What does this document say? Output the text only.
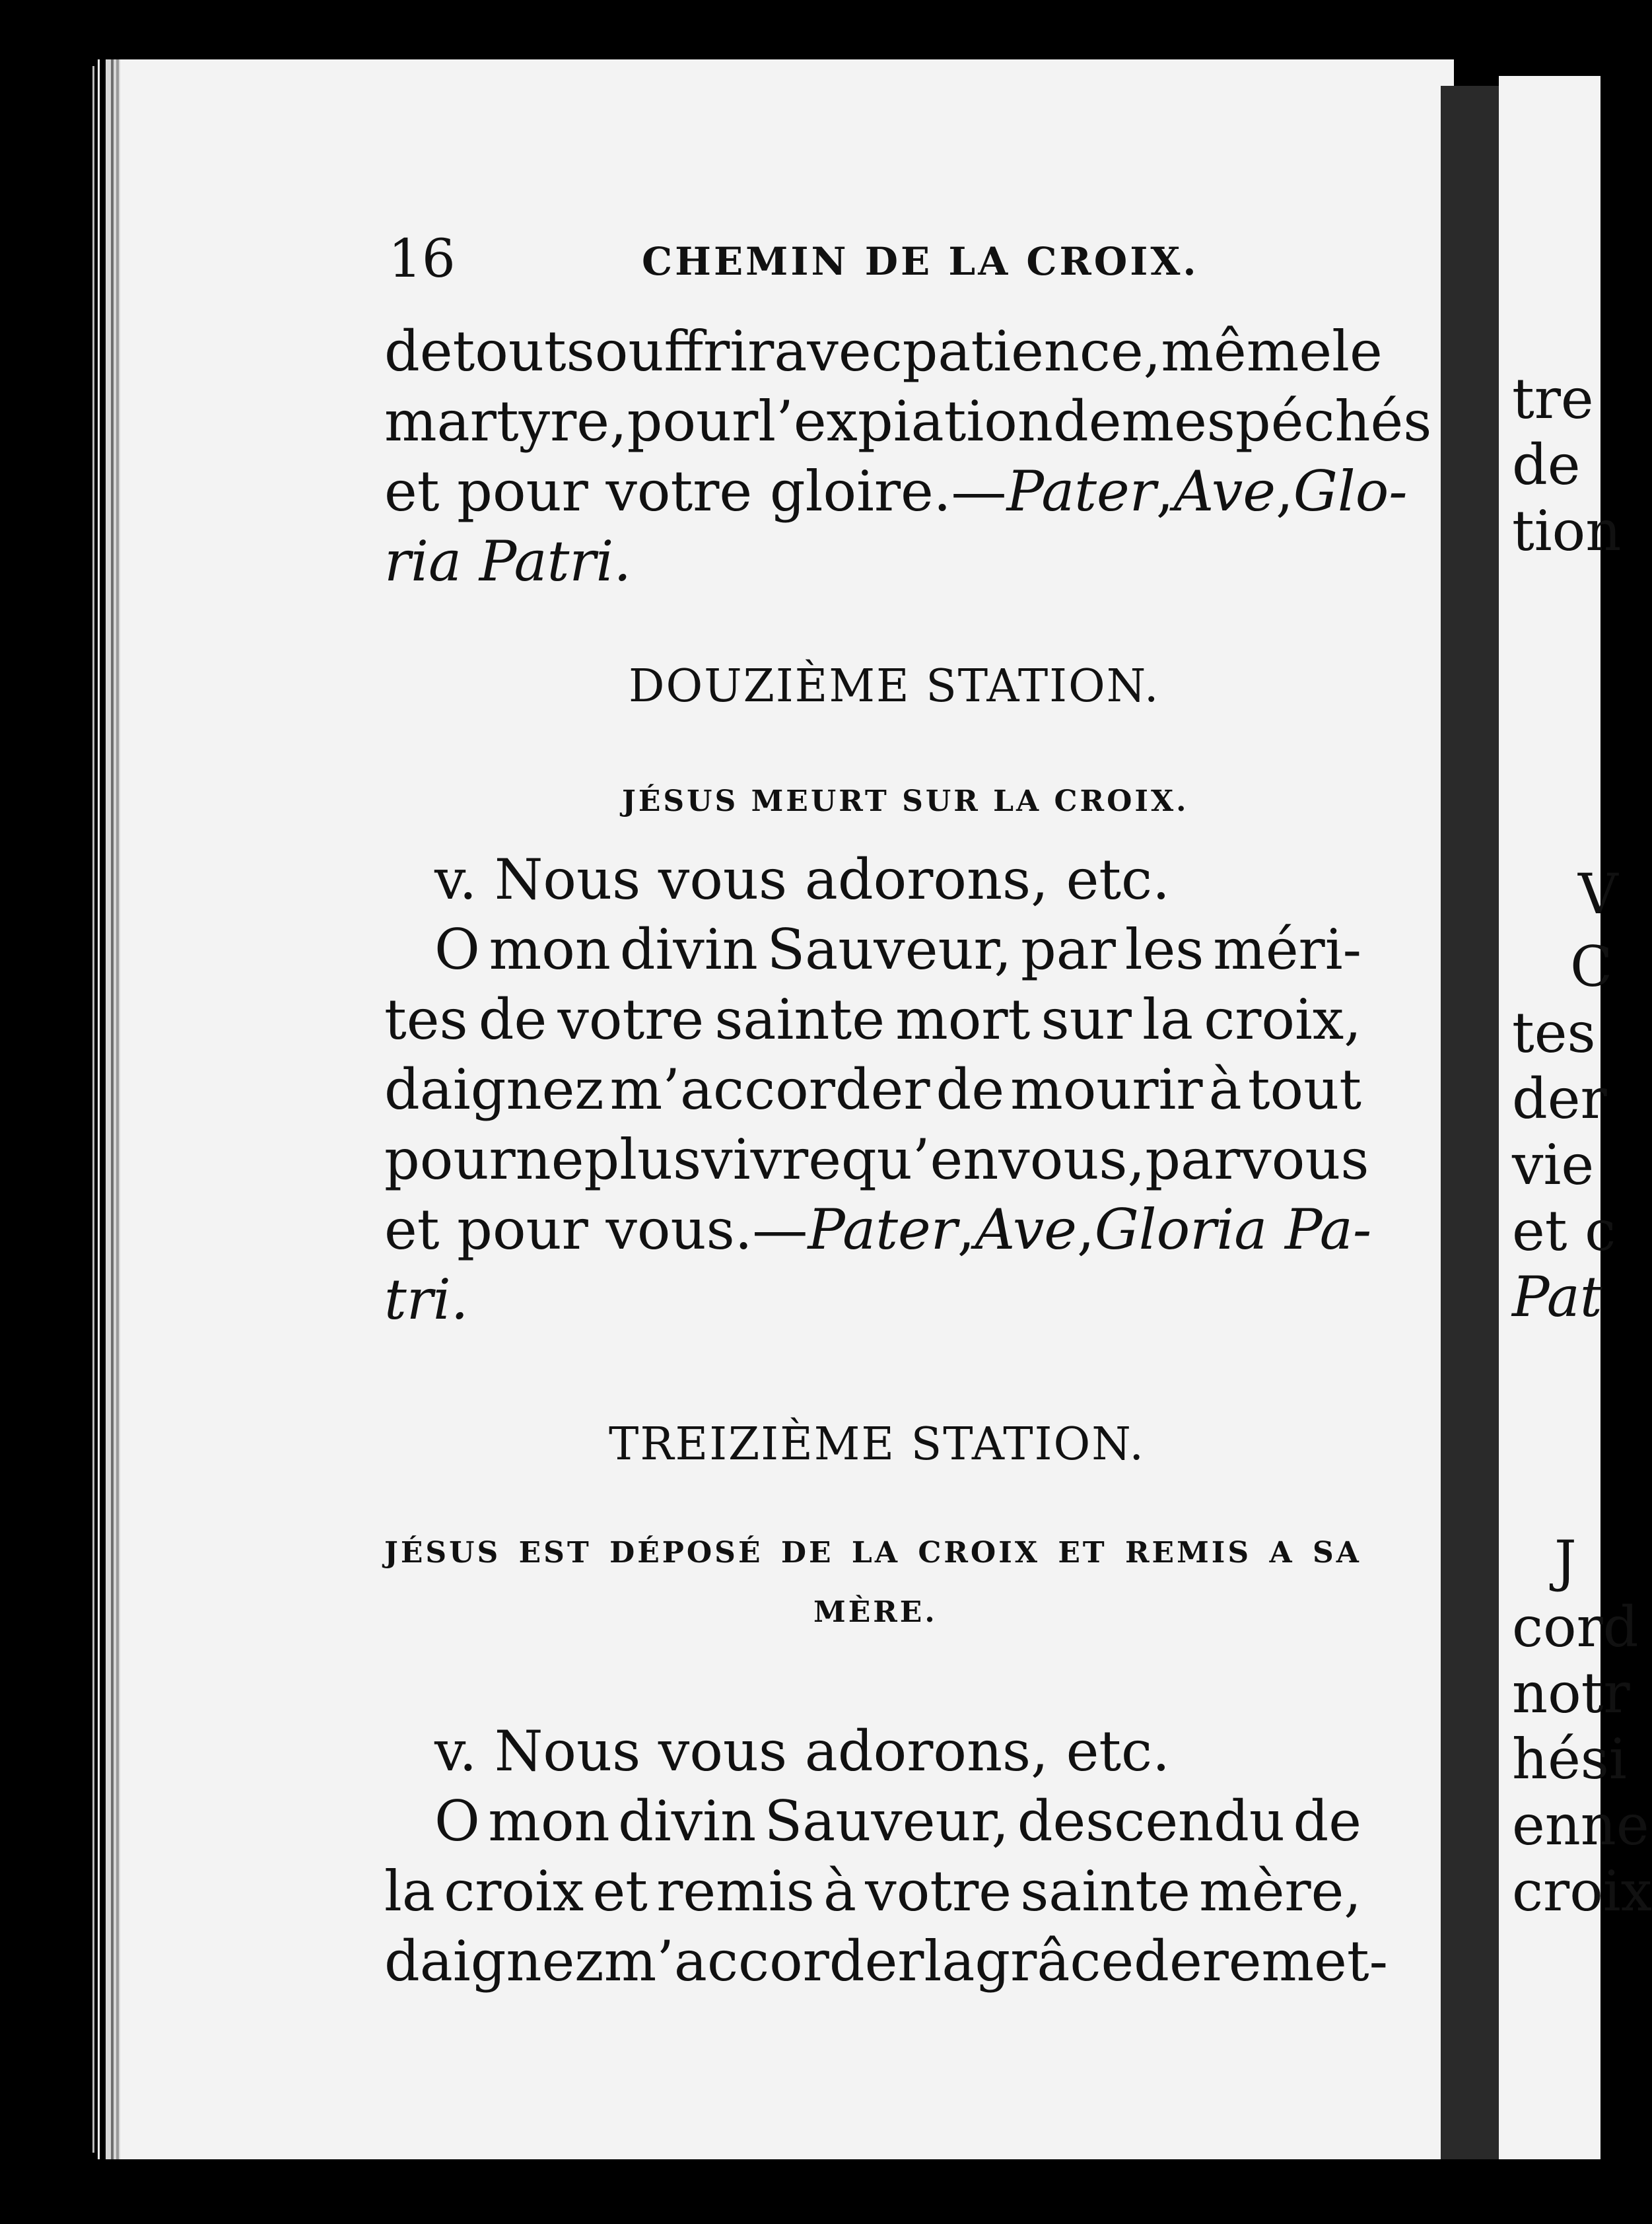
16	CHEMIN DE LA CROIX.
de tout souffrir avec patience, même le
martyre, pour l’expiation de mes péchés
et pour votre gloire.— Pater, Ave, Glo-
ria Patri.
DOUZIÈME STATION.
JÉSUS MEURT SUR LA CROIX.
v. Nous vous adorons, etc.
O mon divin Sauveur, par les méri-
tes de votre sainte mort sur la croix,
daignez m’accorder de mourir à tout
pour ne plus vivre qu’en vous, par vous
et pour vous.— Pater, Ave, Gloria Pa-
tri.
TREIZIÈME STATION.
JÉSUS EST DÉPOSÉ DE LA CROIX ET REMIS A SA
MÈRE.
v. Nous vous adorons, etc.
O mon divin Sauveur, descendu de
la croix et remis à votre sainte mère,
daignez m’accorder la grâce de remet-
tre
de
tion
V
C
tes
der
vie
et c
Pat
J
cord
notr
hési
enne
croix
